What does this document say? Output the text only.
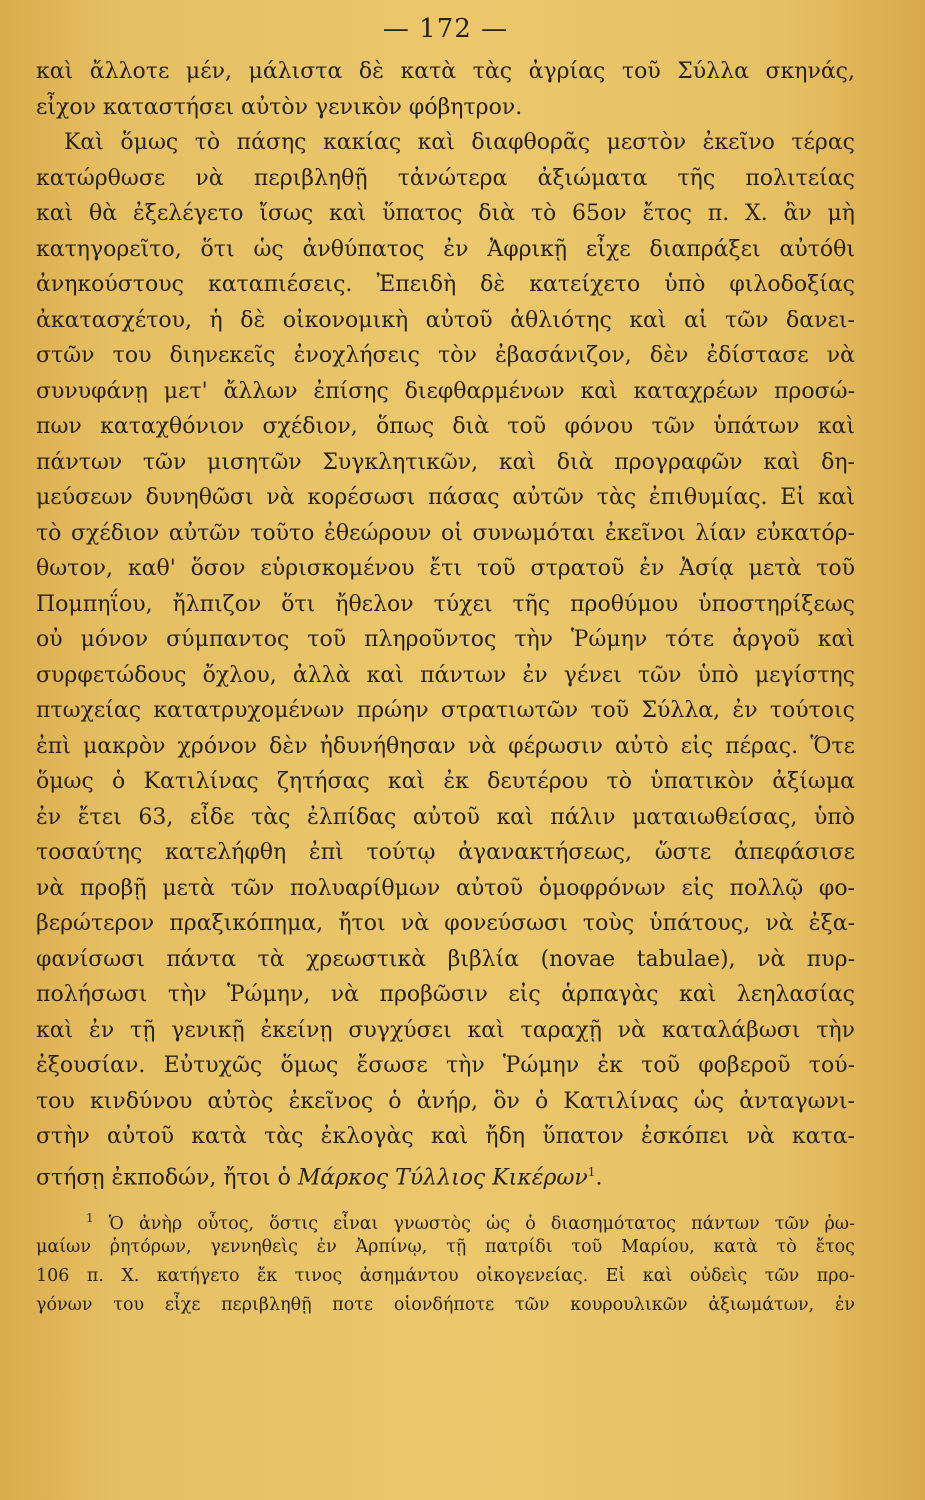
— 172 —
καὶ ἄλλοτε μέν, μάλιστα δὲ κατὰ τὰς ἀγρίας τοῦ Σύλλα σκηνάς,
εἶχον καταστήσει αὐτὸν γενικὸν φόβητρον.
Καὶ ὅμως τὸ πάσης κακίας καὶ διαφθορᾶς μεστὸν ἐκεῖνο τέρας
κατώρθωσε νὰ περιβληθῇ τἀνώτερα ἀξιώματα τῆς πολιτείας
καὶ θὰ ἐξελέγετο ἴσως καὶ ὕπατος διὰ τὸ 65ον ἔτος π. Χ. ἂν μὴ
κατηγορεῖτο, ὅτι ὡς ἀνθύπατος ἐν Ἀφρικῇ εἶχε διαπράξει αὐτόθι
ἀνηκούστους καταπιέσεις. Ἐπειδὴ δὲ κατείχετο ὑπὸ φιλοδοξίας
ἀκατασχέτου, ἡ δὲ οἰκονομικὴ αὐτοῦ ἀθλιότης καὶ αἱ τῶν δανει-
στῶν του διηνεκεῖς ἐνοχλήσεις τὸν ἐβασάνιζον, δὲν ἐδίστασε νὰ
συνυφάνῃ μετ' ἄλλων ἐπίσης διεφθαρμένων καὶ καταχρέων προσώ-
πων καταχθόνιον σχέδιον, ὅπως διὰ τοῦ φόνου τῶν ὑπάτων καὶ
πάντων τῶν μισητῶν Συγκλητικῶν, καὶ διὰ προγραφῶν καὶ δη-
μεύσεων δυνηθῶσι νὰ κορέσωσι πάσας αὐτῶν τὰς ἐπιθυμίας. Εἰ καὶ
τὸ σχέδιον αὐτῶν τοῦτο ἐθεώρουν οἱ συνωμόται ἐκεῖνοι λίαν εὐκατόρ-
θωτον, καθ' ὅσον εὑρισκομένου ἔτι τοῦ στρατοῦ ἐν Ἀσίᾳ μετὰ τοῦ
Πομπηΐου, ἤλπιζον ὅτι ἤθελον τύχει τῆς προθύμου ὑποστηρίξεως
οὐ μόνον σύμπαντος τοῦ πληροῦντος τὴν Ῥώμην τότε ἀργοῦ καὶ
συρφετώδους ὄχλου, ἀλλὰ καὶ πάντων ἐν γένει τῶν ὑπὸ μεγίστης
πτωχείας κατατρυχομένων πρώην στρατιωτῶν τοῦ Σύλλα, ἐν τούτοις
ἐπὶ μακρὸν χρόνον δὲν ἠδυνήθησαν νὰ φέρωσιν αὐτὸ εἰς πέρας. Ὅτε
ὅμως ὁ Κατιλίνας ζητήσας καὶ ἐκ δευτέρου τὸ ὑπατικὸν ἀξίωμα
ἐν ἔτει 63, εἶδε τὰς ἐλπίδας αὐτοῦ καὶ πάλιν ματαιωθείσας, ὑπὸ
τοσαύτης κατελήφθη ἐπὶ τούτῳ ἀγανακτήσεως, ὥστε ἀπεφάσισε
νὰ προβῇ μετὰ τῶν πολυαρίθμων αὐτοῦ ὁμοφρόνων εἰς πολλῷ φο-
βερώτερον πραξικόπημα, ἤτοι νὰ φονεύσωσι τοὺς ὑπάτους, νὰ ἐξα-
φανίσωσι πάντα τὰ χρεωστικὰ βιβλία (novae tabulae), νὰ πυρ-
πολήσωσι τὴν Ῥώμην, νὰ προβῶσιν εἰς ἁρπαγὰς καὶ λεηλασίας
καὶ ἐν τῇ γενικῇ ἐκείνῃ συγχύσει καὶ ταραχῇ νὰ καταλάβωσι τὴν
ἐξουσίαν. Εὐτυχῶς ὅμως ἔσωσε τὴν Ῥώμην ἐκ τοῦ φοβεροῦ τού-
του κινδύνου αὐτὸς ἐκεῖνος ὁ ἀνήρ, ὃν ὁ Κατιλίνας ὡς ἀνταγωνι-
στὴν αὐτοῦ κατὰ τὰς ἐκλογὰς καὶ ἤδη ὕπατον ἐσκόπει νὰ κατα-
στήσῃ ἐκποδών, ἤτοι ὁ Μάρκος Τύλλιος Κικέρων$^1$.
$^1$ Ὁ ἀνὴρ οὗτος, ὅστις εἶναι γνωστὸς ὡς ὁ διασημότατος πάντων τῶν ῥω-
μαίων ῥητόρων, γεννηθεὶς ἐν Ἀρπίνῳ, τῇ πατρίδι τοῦ Μαρίου, κατὰ τὸ ἔτος
106 π. Χ. κατήγετο ἔκ τινος ἀσημάντου οἰκογενείας. Εἰ καὶ οὐδεὶς τῶν προ-
γόνων του εἶχε περιβληθῇ ποτε οἱονδήποτε τῶν κουρουλικῶν ἀξιωμάτων, ἐν
